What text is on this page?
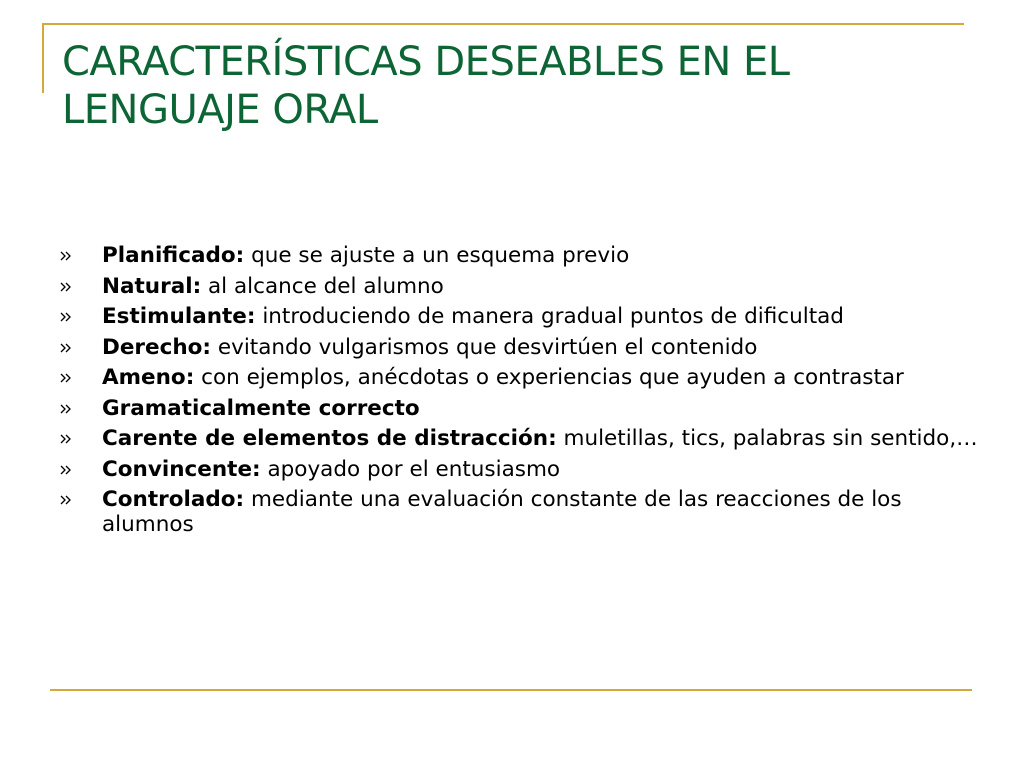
CARACTERÍSTICAS DESEABLES EN EL
LENGUAJE ORAL
Planificado: que se ajuste a un esquema previo
Natural: al alcance del alumno
Estimulante: introduciendo de manera gradual puntos de dificultad
Derecho: evitando vulgarismos que desvirtúen el contenido
Ameno: con ejemplos, anécdotas o experiencias que ayuden a contrastar
Gramaticalmente correcto
Carente de elementos de distracción: muletillas, tics, palabras sin sentido,…
Convincente: apoyado por el entusiasmo
Controlado: mediante una evaluación constante de las reacciones de los alumnos
